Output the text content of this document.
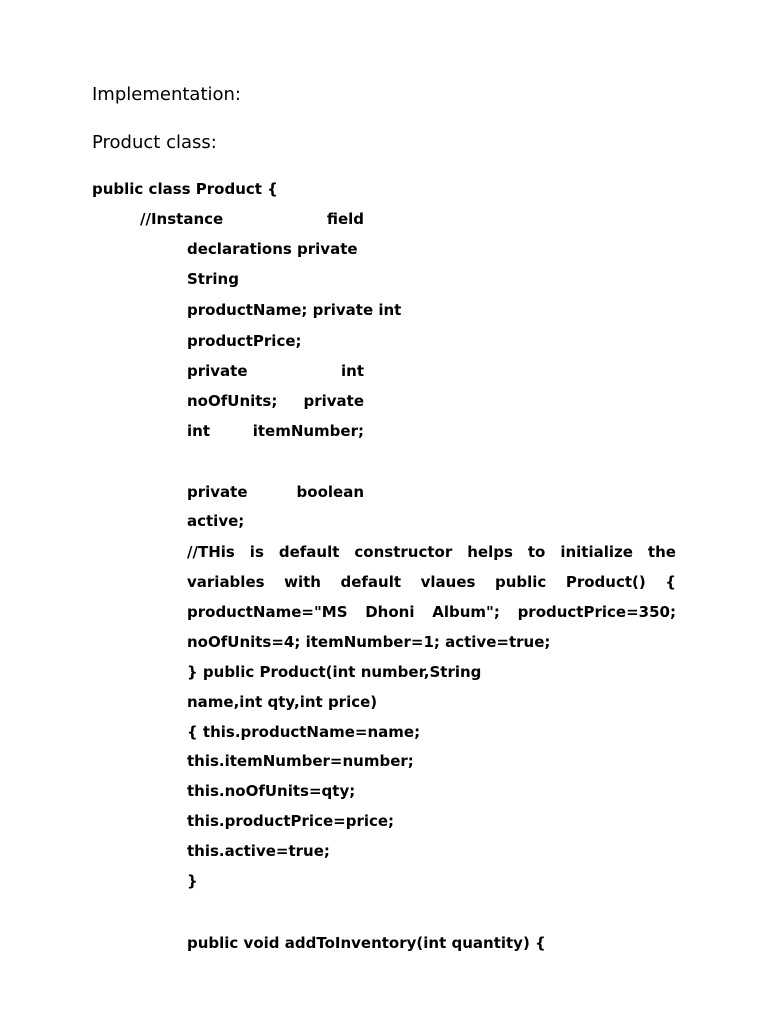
Implementation:
Product class:
public class Product {
//Instance	field
declarations private
String
productName; private int
productPrice;
private	int
noOfUnits; private
int	itemNumber;
private	boolean
active;
//THis is default constructor helps to initialize the
variables with default vlaues public Product() {
productName="MS Dhoni Album"; productPrice=350;
noOfUnits=4; itemNumber=1; active=true;
} public Product(int number,String
name,int qty,int price)
{ this.productName=name;
this.itemNumber=number;
this.noOfUnits=qty;
this.productPrice=price;
this.active=true;
}
public void addToInventory(int quantity) {
